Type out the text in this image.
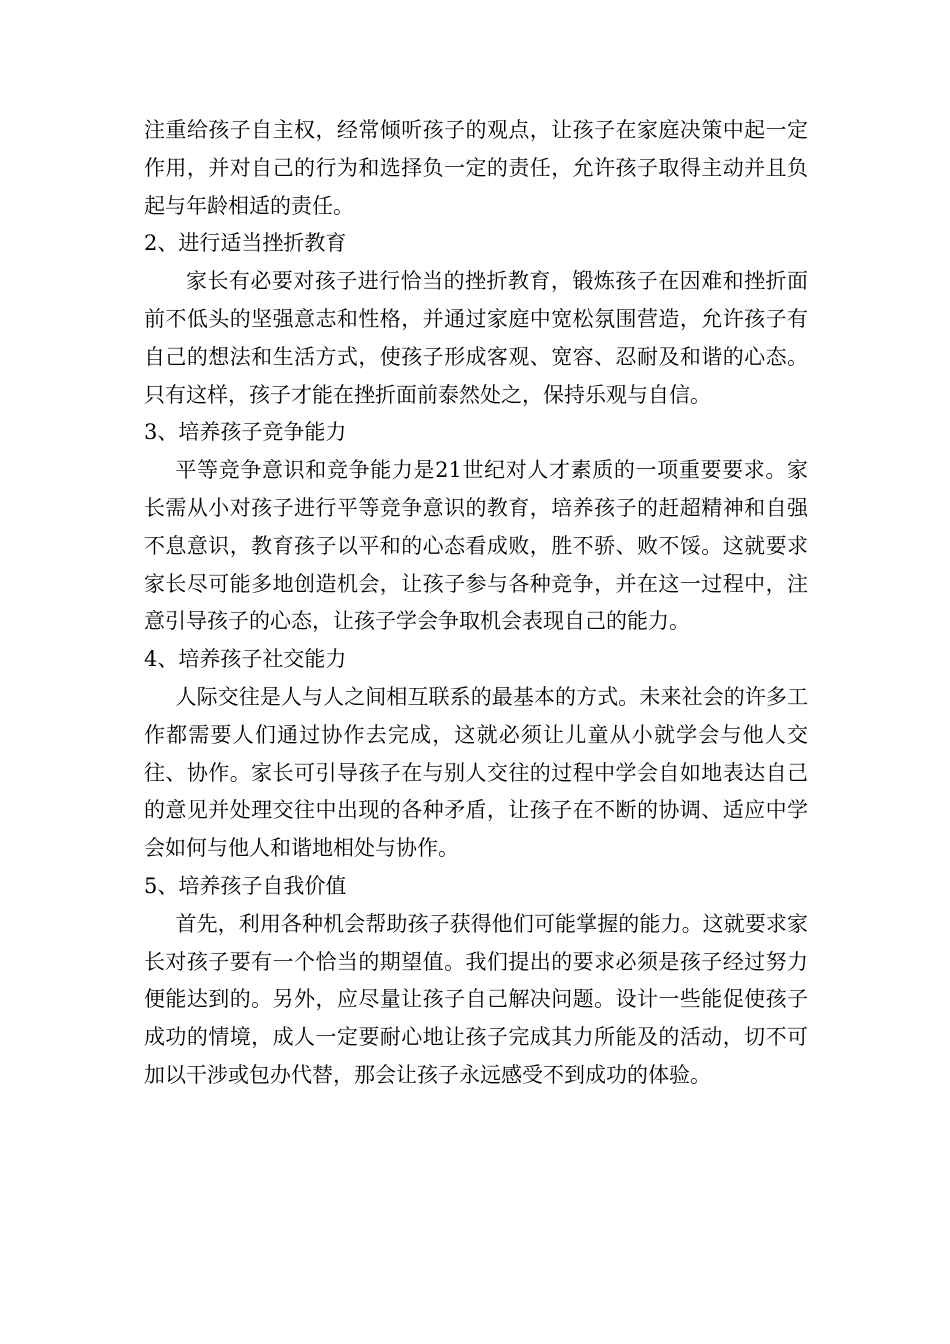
注重给孩子自主权，经常倾听孩子的观点，让孩子在家庭决策中起一定作用，并对自己的行为和选择负一定的责任，允许孩子取得主动并且负起与年龄相适的责任。

2、进行适当挫折教育

家长有必要对孩子进行恰当的挫折教育，锻炼孩子在因难和挫折面前不低头的坚强意志和性格，并通过家庭中宽松氛围营造，允许孩子有自己的想法和生活方式，使孩子形成客观、宽容、忍耐及和谐的心态。只有这样，孩子才能在挫折面前泰然处之，保持乐观与自信。

3、培养孩子竞争能力

平等竞争意识和竞争能力是21世纪对人才素质的一项重要要求。家长需从小对孩子进行平等竞争意识的教育，培养孩子的赶超精神和自强不息意识，教育孩子以平和的心态看成败，胜不骄、败不馁。这就要求家长尽可能多地创造机会，让孩子参与各种竞争，并在这一过程中，注意引导孩子的心态，让孩子学会争取机会表现自己的能力。

4、培养孩子社交能力

人际交往是人与人之间相互联系的最基本的方式。未来社会的许多工作都需要人们通过协作去完成，这就必须让儿童从小就学会与他人交往、协作。家长可引导孩子在与别人交往的过程中学会自如地表达自己的意见并处理交往中出现的各种矛盾，让孩子在不断的协调、适应中学会如何与他人和谐地相处与协作。

5、培养孩子自我价值

首先，利用各种机会帮助孩子获得他们可能掌握的能力。这就要求家长对孩子要有一个恰当的期望值。我们提出的要求必须是孩子经过努力便能达到的。另外，应尽量让孩子自己解决问题。设计一些能促使孩子成功的情境，成人一定要耐心地让孩子完成其力所能及的活动，切不可加以干涉或包办代替，那会让孩子永远感受不到成功的体验。
